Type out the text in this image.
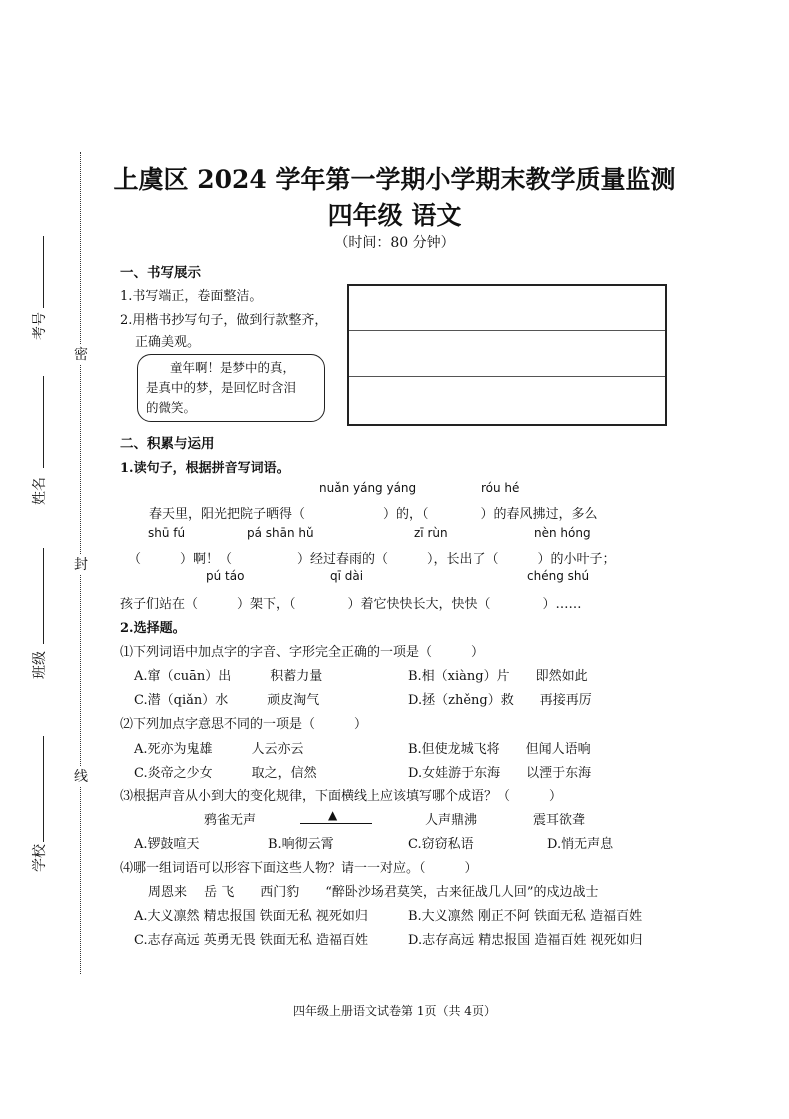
上虞区 2024 学年第一学期小学期末教学质量监测
四年级 语文
（时间：80 分钟）
考号
姓名
班级
学校
密
封
线
一、书写展示
1.书写端正，卷面整洁。
2.用楷书抄写句子，做到行款整齐，
正确美观。
童年啊！是梦中的真，
是真中的梦，是回忆时含泪
的微笑。
二、积累与运用
1.读句子，根据拼音写词语。
nuǎn yáng yáng	róu hé
春天里，阳光把院子晒得（　　　　　　）的，（　　　　）的春风拂过，多么
shū fú	pá shān hǔ	zī rùn	nèn hóng
（　　　）啊！（　　　　　）经过春雨的（　　　），长出了（　　　）的小叶子；
pú táo	qī dài	chéng shú
孩子们站在（　　　）架下，（　　　　）着它快快长大，快快（　　　　）……
2.选择题。
⑴下列词语中加点字的字音、字形完全正确的一项是（　　　）
A.窜（cuān）出　　　积蓄力量	B.相（xiàng）片　　即然如此
C.潜（qiǎn）水　　　顽皮淘气	D.拯（zhěng）救　　再接再厉
⑵下列加点字意思不同的一项是（　　　）
A.死亦为鬼雄　　　人云亦云	B.但使龙城飞将　　但闻人语响
C.炎帝之少女　　　取之，信然	D.女娃游于东海　　以湮于东海
⑶根据声音从小到大的变化规律，下面横线上应该填写哪个成语？（　　　）
鸦雀无声	▲	人声鼎沸	震耳欲聋
A.锣鼓喧天	B.响彻云霄	C.窃窃私语	D.悄无声息
⑷哪一组词语可以形容下面这些人物？请一一对应。（　　　）
周恩来　 岳 飞　　西门豹　　“醉卧沙场君莫笑，古来征战几人回”的戍边战士
A.大义凛然 精忠报国 铁面无私 视死如归	B.大义凛然 刚正不阿 铁面无私 造福百姓
C.志存高远 英勇无畏 铁面无私 造福百姓	D.志存高远 精忠报国 造福百姓 视死如归
四年级上册语文试卷第 1页（共 4页）
